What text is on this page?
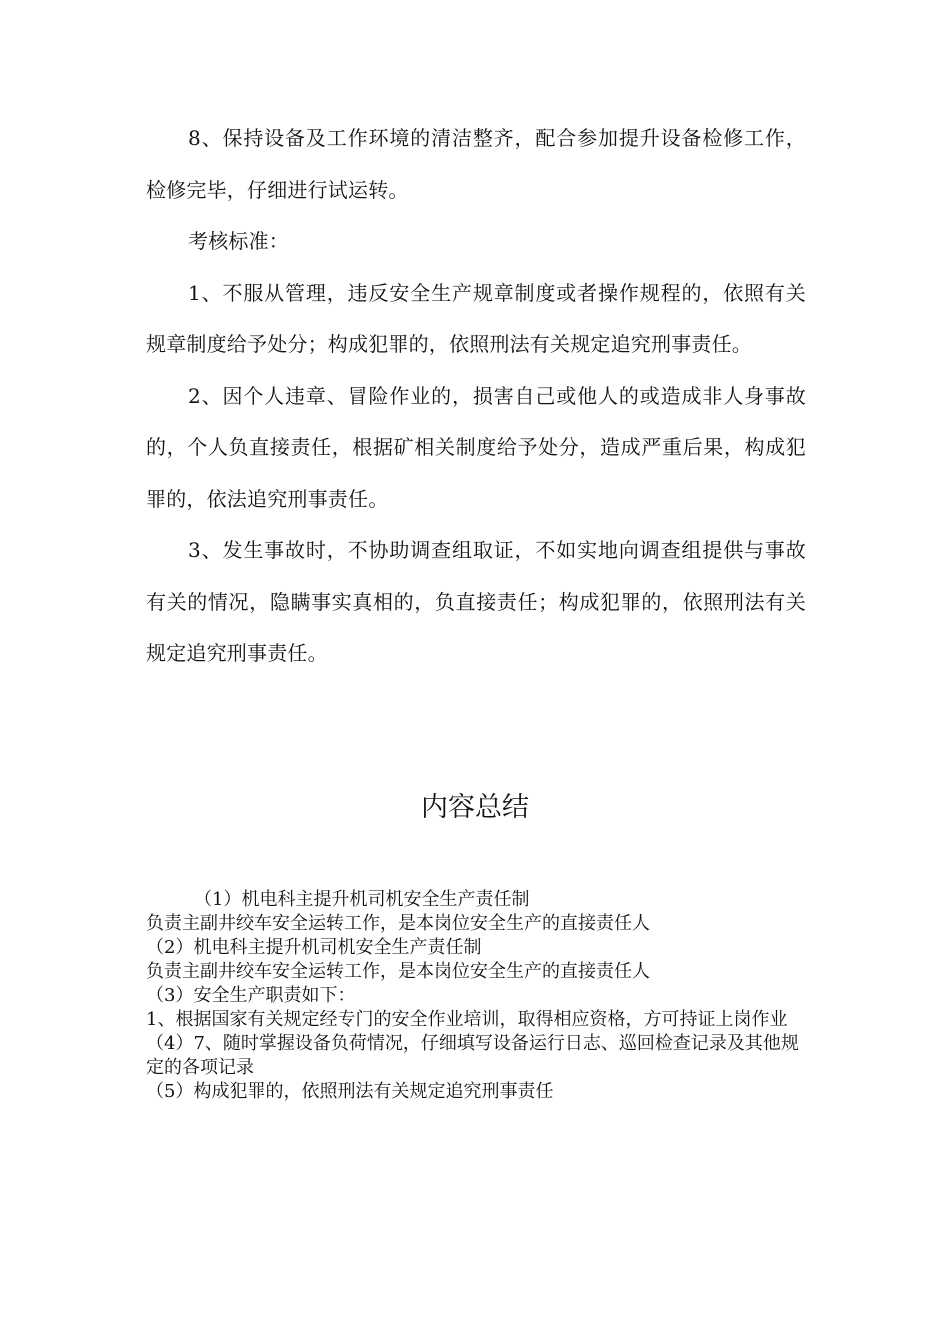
8、保持设备及工作环境的清洁整齐，配合参加提升设备检修工作，检修完毕，仔细进行试运转。

考核标准：

1、不服从管理，违反安全生产规章制度或者操作规程的，依照有关规章制度给予处分；构成犯罪的，依照刑法有关规定追究刑事责任。

2、因个人违章、冒险作业的，损害自己或他人的或造成非人身事故的，个人负直接责任，根据矿相关制度给予处分，造成严重后果，构成犯罪的，依法追究刑事责任。

3、发生事故时，不协助调查组取证，不如实地向调查组提供与事故有关的情况，隐瞒事实真相的，负直接责任；构成犯罪的，依照刑法有关规定追究刑事责任。

内容总结

（1）机电科主提升机司机安全生产责任制

负责主副井绞车安全运转工作，是本岗位安全生产的直接责任人

（2）机电科主提升机司机安全生产责任制

负责主副井绞车安全运转工作，是本岗位安全生产的直接责任人

（3）安全生产职责如下：

1、根据国家有关规定经专门的安全作业培训，取得相应资格，方可持证上岗作业

（4）7、随时掌握设备负荷情况，仔细填写设备运行日志、巡回检查记录及其他规定的各项记录

（5）构成犯罪的，依照刑法有关规定追究刑事责任
